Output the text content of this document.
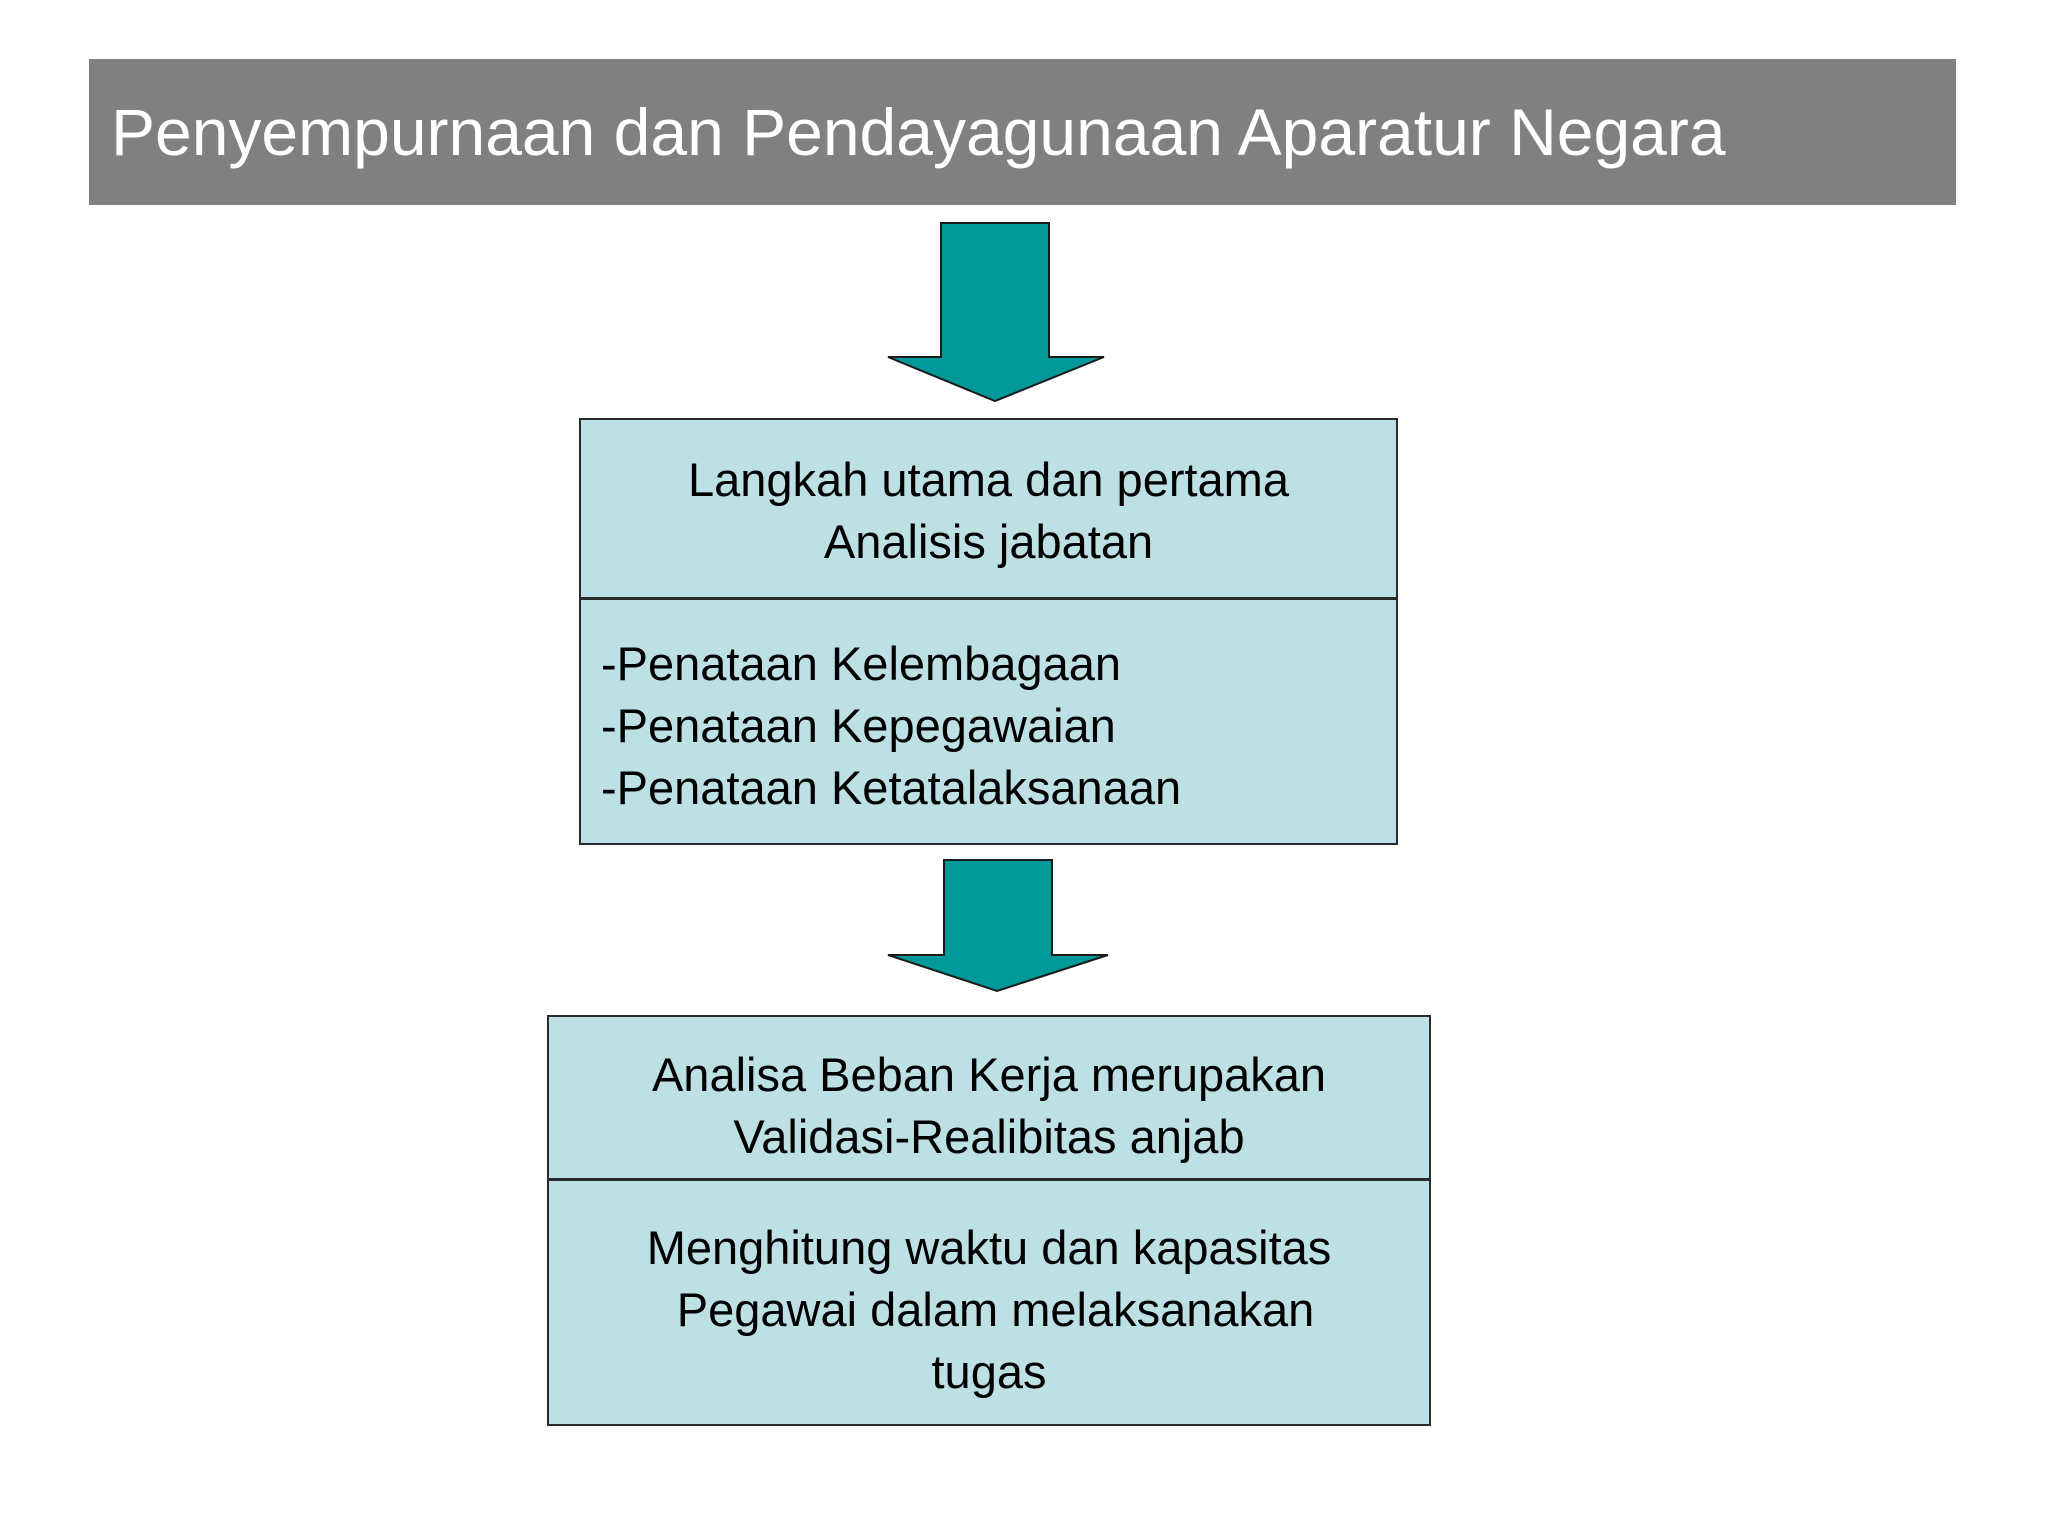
Penyempurnaan dan Pendayagunaan Aparatur Negara
Langkah utama dan pertama
Analisis jabatan
-Penataan Kelembagaan
-Penataan Kepegawaian
-Penataan Ketatalaksanaan
Analisa Beban Kerja merupakan
Validasi-Realibitas anjab
Menghitung waktu dan kapasitas
Pegawai dalam melaksanakan
tugas
